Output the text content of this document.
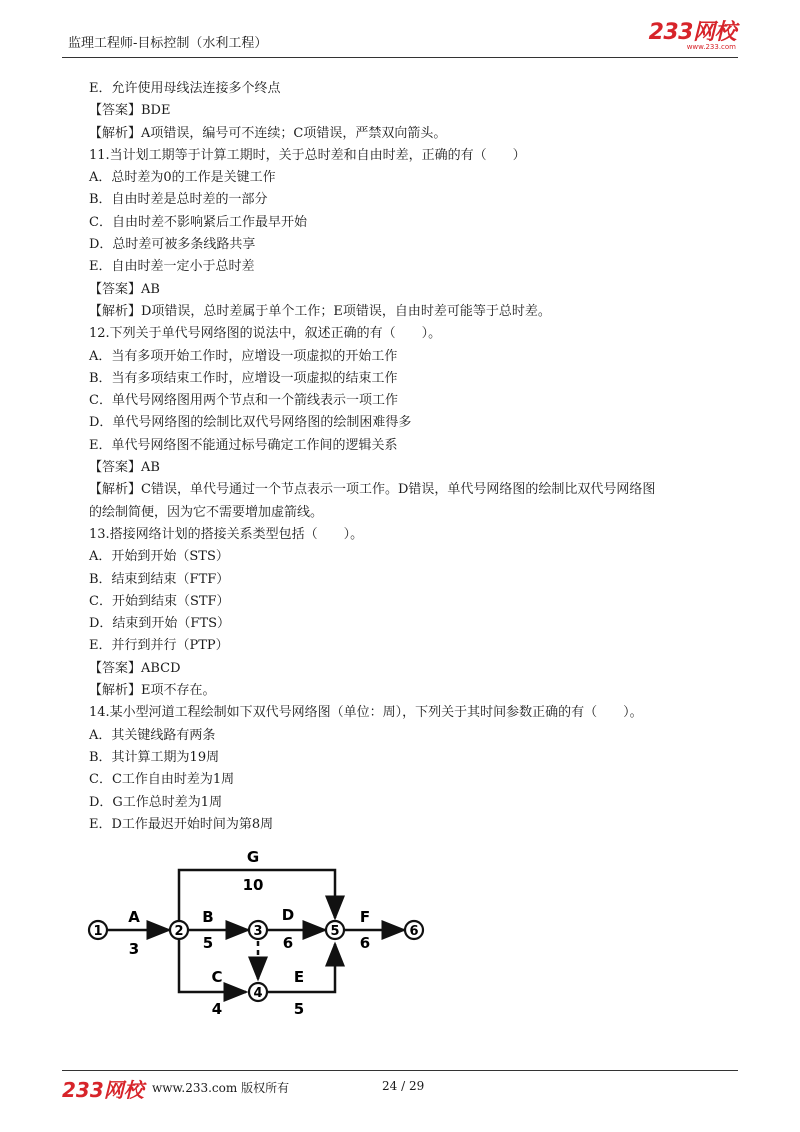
监理工程师-目标控制（水利工程）	233网校
www.233.com
E．允许使用母线法连接多个终点
【答案】BDE
【解析】A项错误，编号可不连续；C项错误，严禁双向箭头。
11.当计划工期等于计算工期时，关于总时差和自由时差，正确的有（　　）
A．总时差为0的工作是关键工作
B．自由时差是总时差的一部分
C．自由时差不影响紧后工作最早开始
D．总时差可被多条线路共享
E．自由时差一定小于总时差
【答案】AB
【解析】D项错误，总时差属于单个工作；E项错误，自由时差可能等于总时差。
12.下列关于单代号网络图的说法中，叙述正确的有（　　）。
A．当有多项开始工作时，应增设一项虚拟的开始工作
B．当有多项结束工作时，应增设一项虚拟的结束工作
C．单代号网络图用两个节点和一个箭线表示一项工作
D．单代号网络图的绘制比双代号网络图的绘制困难得多
E．单代号网络图不能通过标号确定工作间的逻辑关系
【答案】AB
【解析】C错误，单代号通过一个节点表示一项工作。D错误，单代号网络图的绘制比双代号网络图
的绘制简便，因为它不需要增加虚箭线。
13.搭接网络计划的搭接关系类型包括（　　）。
A．开始到开始（STS）
B．结束到结束（FTF）
C．开始到结束（STF）
D．结束到开始（FTS）
E．并行到并行（PTP）
【答案】ABCD
【解析】E项不存在。
14.某小型河道工程绘制如下双代号网络图（单位：周），下列关于其时间参数正确的有（　　）。
A．其关键线路有两条
B．其计算工期为19周
C．C工作自由时差为1周
D．G工作总时差为1周
E．D工作最迟开始时间为第8周
1	2	3
4
5	6
A
3
B
5
C
4
D
6
E
5
F
6
G
10
233网校 www.233.com 版权所有	24 / 29
